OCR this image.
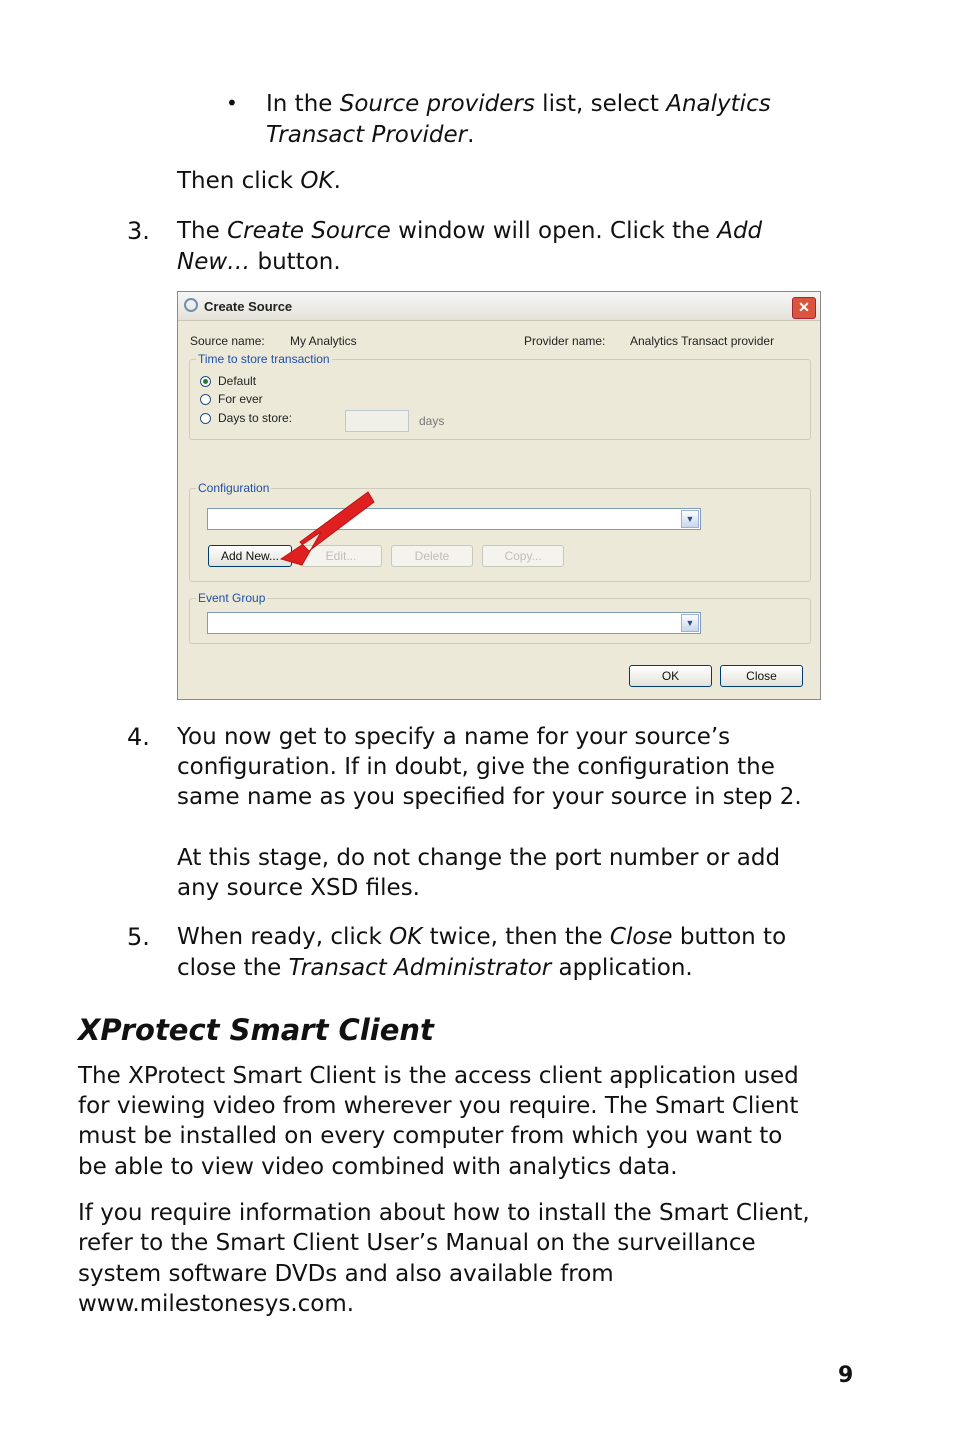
• In the Source providers list, select Analytics
Transact Provider.

Then click OK.

3. The Create Source window will open. Click the Add
New… button.

Create Source	✕
Source name: My Analytics	Provider name: Analytics Transact provider
Time to store transaction
Default
For ever
Days to store:	days
Configuration
▼
Add New...	Edit...	Delete	Copy...
Event Group
▼
OK	Close
4. You now get to specify a name for your source’s

configuration. If in doubt, give the configuration the

same name as you specified for your source in step 2.

At this stage, do not change the port number or add

any source XSD files.

5. When ready, click OK twice, then the Close button to
close the Transact Administrator application.

XProtect Smart Client

The XProtect Smart Client is the access client application used

for viewing video from wherever you require. The Smart Client

must be installed on every computer from which you want to

be able to view video combined with analytics data.

If you require information about how to install the Smart Client,

refer to the Smart Client User’s Manual on the surveillance

system software DVDs and also available from

www.milestonesys.com.

9
